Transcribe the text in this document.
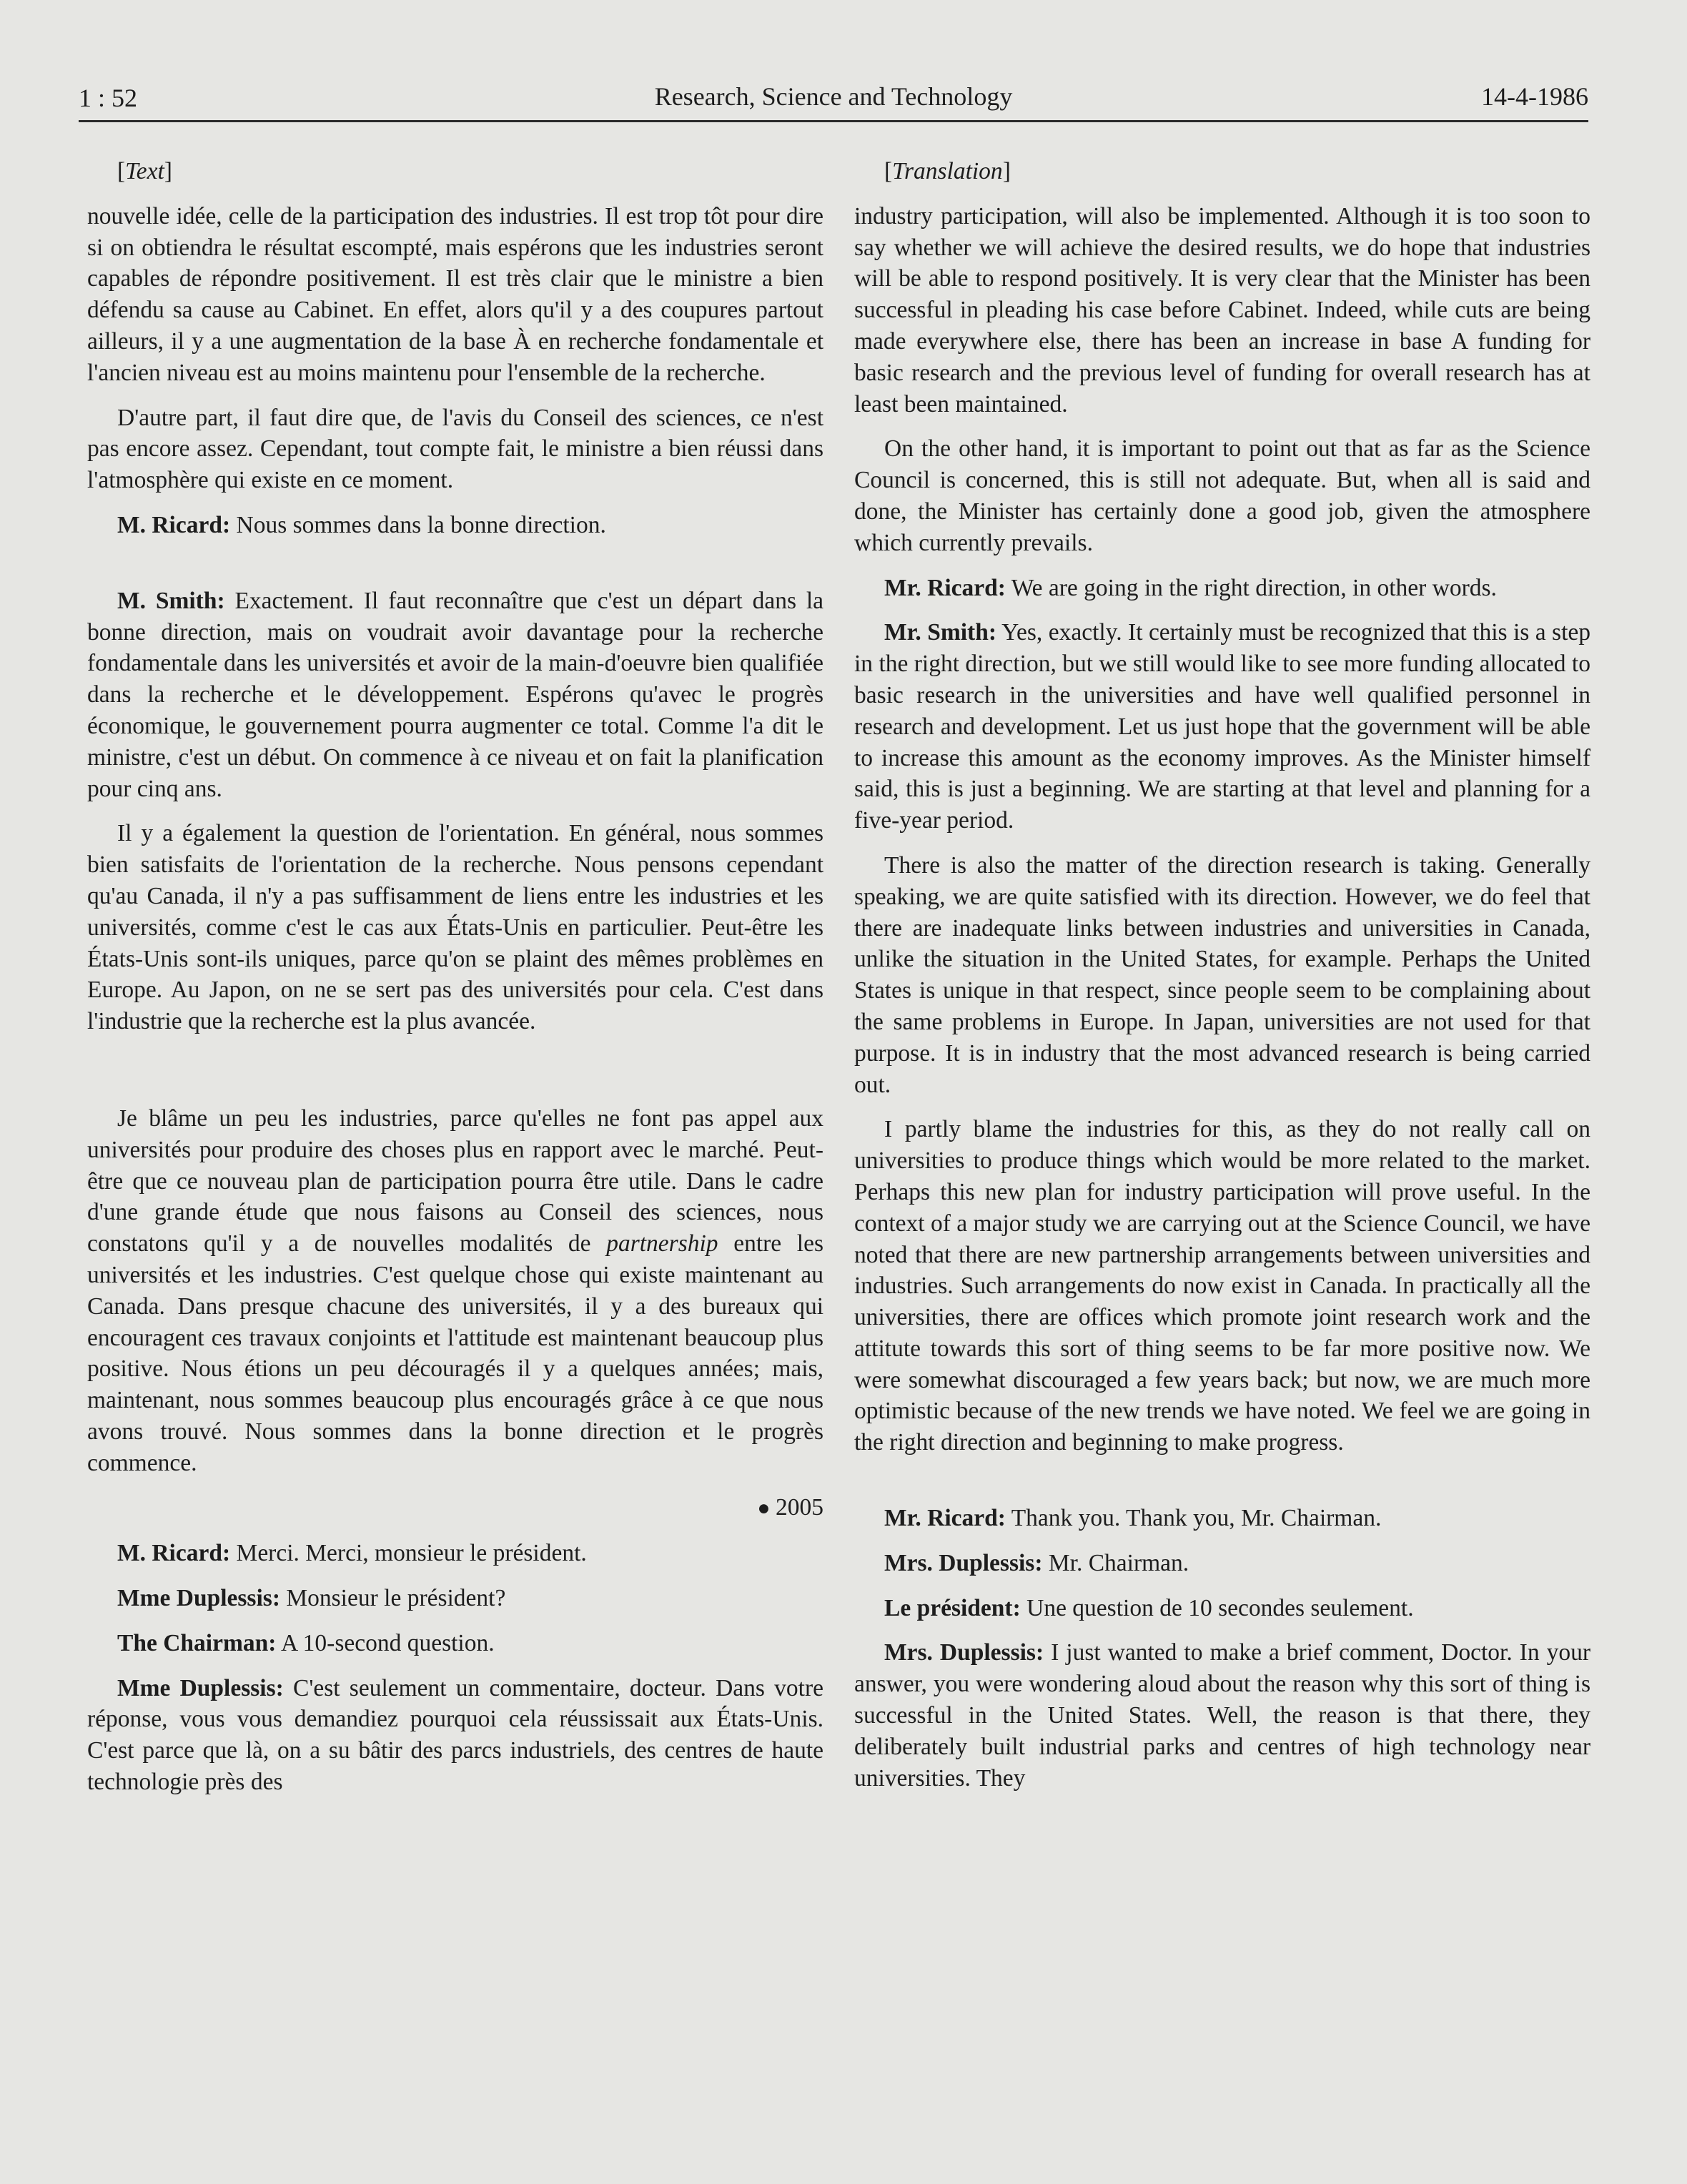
1 : 52	Research, Science and Technology	14-4-1986

[Text]

nouvelle idée, celle de la participation des industries. Il est trop tôt pour dire si on obtiendra le résultat escompté, mais espérons que les industries seront capables de répondre positivement. Il est très clair que le ministre a bien défendu sa cause au Cabinet. En effet, alors qu'il y a des coupures partout ailleurs, il y a une augmentation de la base À en recherche fondamentale et l'ancien niveau est au moins maintenu pour l'ensemble de la recherche.

D'autre part, il faut dire que, de l'avis du Conseil des sciences, ce n'est pas encore assez. Cependant, tout compte fait, le ministre a bien réussi dans l'atmosphère qui existe en ce moment.

M. Ricard: Nous sommes dans la bonne direction.

M. Smith: Exactement. Il faut reconnaître que c'est un départ dans la bonne direction, mais on voudrait avoir davantage pour la recherche fondamentale dans les universités et avoir de la main-d'oeuvre bien qualifiée dans la recherche et le développement. Espérons qu'avec le progrès économique, le gouvernement pourra augmenter ce total. Comme l'a dit le ministre, c'est un début. On commence à ce niveau et on fait la planification pour cinq ans.

Il y a également la question de l'orientation. En général, nous sommes bien satisfaits de l'orientation de la recherche. Nous pensons cependant qu'au Canada, il n'y a pas suffisamment de liens entre les industries et les universités, comme c'est le cas aux États-Unis en particulier. Peut-être les États-Unis sont-ils uniques, parce qu'on se plaint des mêmes problèmes en Europe. Au Japon, on ne se sert pas des universités pour cela. C'est dans l'industrie que la recherche est la plus avancée.

Je blâme un peu les industries, parce qu'elles ne font pas appel aux universités pour produire des choses plus en rapport avec le marché. Peut-être que ce nouveau plan de participation pourra être utile. Dans le cadre d'une grande étude que nous faisons au Conseil des sciences, nous constatons qu'il y a de nouvelles modalités de partnership entre les universités et les industries. C'est quelque chose qui existe maintenant au Canada. Dans presque chacune des universités, il y a des bureaux qui encouragent ces travaux conjoints et l'attitude est maintenant beaucoup plus positive. Nous étions un peu découragés il y a quelques années; mais, maintenant, nous sommes beaucoup plus encouragés grâce à ce que nous avons trouvé. Nous sommes dans la bonne direction et le progrès commence.

● 2005

M. Ricard: Merci. Merci, monsieur le président.

Mme Duplessis: Monsieur le président?

The Chairman: A 10-second question.

Mme Duplessis: C'est seulement un commentaire, docteur. Dans votre réponse, vous vous demandiez pourquoi cela réussissait aux États-Unis. C'est parce que là, on a su bâtir des parcs industriels, des centres de haute technologie près des

[Translation]

industry participation, will also be implemented. Although it is too soon to say whether we will achieve the desired results, we do hope that industries will be able to respond positively. It is very clear that the Minister has been successful in pleading his case before Cabinet. Indeed, while cuts are being made everywhere else, there has been an increase in base A funding for basic research and the previous level of funding for overall research has at least been maintained.

On the other hand, it is important to point out that as far as the Science Council is concerned, this is still not adequate. But, when all is said and done, the Minister has certainly done a good job, given the atmosphere which currently prevails.

Mr. Ricard: We are going in the right direction, in other words.

Mr. Smith: Yes, exactly. It certainly must be recognized that this is a step in the right direction, but we still would like to see more funding allocated to basic research in the universities and have well qualified personnel in research and development. Let us just hope that the government will be able to increase this amount as the economy improves. As the Minister himself said, this is just a beginning. We are starting at that level and planning for a five-year period.

There is also the matter of the direction research is taking. Generally speaking, we are quite satisfied with its direction. However, we do feel that there are inadequate links between industries and universities in Canada, unlike the situation in the United States, for example. Perhaps the United States is unique in that respect, since people seem to be complaining about the same problems in Europe. In Japan, universities are not used for that purpose. It is in industry that the most advanced research is being carried out.

I partly blame the industries for this, as they do not really call on universities to produce things which would be more related to the market. Perhaps this new plan for industry participation will prove useful. In the context of a major study we are carrying out at the Science Council, we have noted that there are new partnership arrangements between universities and industries. Such arrangements do now exist in Canada. In practically all the universities, there are offices which promote joint research work and the attitute towards this sort of thing seems to be far more positive now. We were somewhat discouraged a few years back; but now, we are much more optimistic because of the new trends we have noted. We feel we are going in the right direction and beginning to make progress.

Mr. Ricard: Thank you. Thank you, Mr. Chairman.

Mrs. Duplessis: Mr. Chairman.

Le président: Une question de 10 secondes seulement.

Mrs. Duplessis: I just wanted to make a brief comment, Doctor. In your answer, you were wondering aloud about the reason why this sort of thing is successful in the United States. Well, the reason is that there, they deliberately built industrial parks and centres of high technology near universities. They
